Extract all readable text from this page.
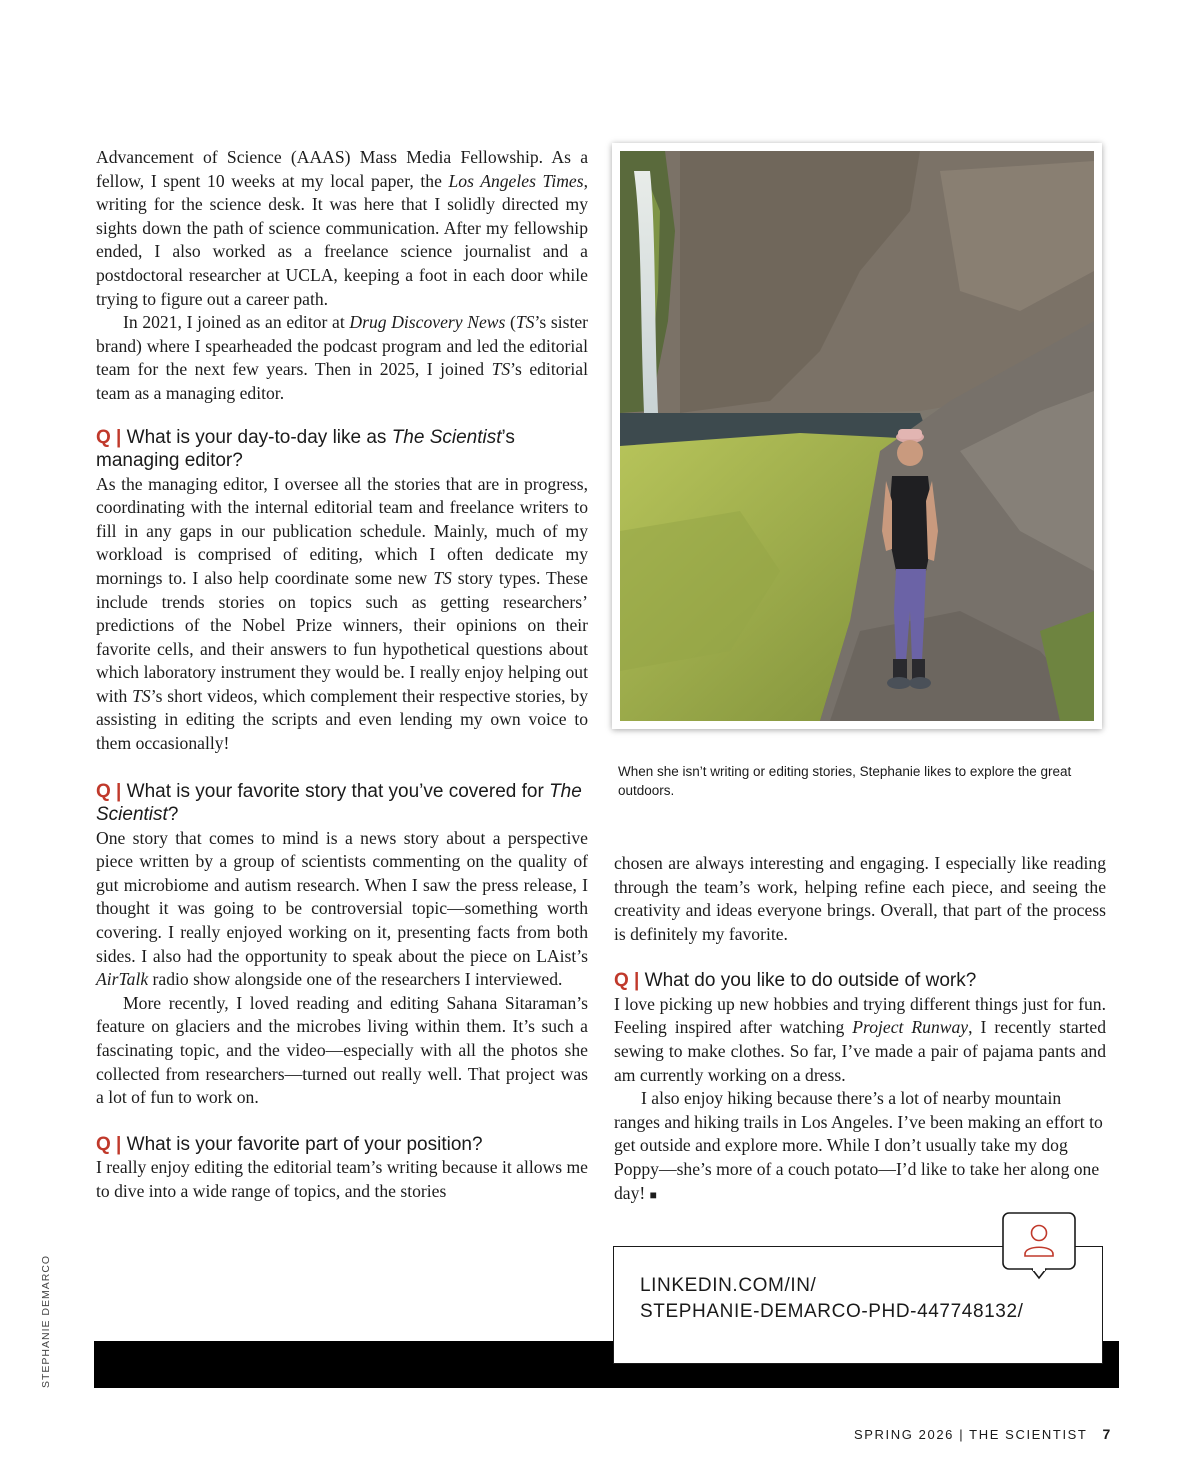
Advancement of Science (AAAS) Mass Media Fellowship. As a fellow, I spent 10 weeks at my local paper, the Los Angeles Times, writing for the science desk. It was here that I solidly directed my sights down the path of science communication. After my fellowship ended, I also worked as a freelance science journalist and a postdoctoral researcher at UCLA, keeping a foot in each door while trying to figure out a career path.

In 2021, I joined as an editor at Drug Discovery News (TS’s sister brand) where I spearheaded the podcast program and led the editorial team for the next few years. Then in 2025, I joined TS’s editorial team as a managing editor.

Q | What is your day-to-day like as The Scientist’s managing editor?

As the managing editor, I oversee all the stories that are in progress, coordinating with the internal editorial team and freelance writers to fill in any gaps in our publication schedule. Mainly, much of my workload is comprised of editing, which I often dedicate my mornings to. I also help coordinate some new TS story types. These include trends stories on topics such as getting researchers’ predictions of the Nobel Prize winners, their opinions on their favorite cells, and their answers to fun hypothetical questions about which laboratory instrument they would be. I really enjoy helping out with TS’s short videos, which complement their respective stories, by assisting in editing the scripts and even lending my own voice to them occasionally!

Q | What is your favorite story that you’ve covered for The Scientist?

One story that comes to mind is a news story about a perspective piece written by a group of scientists commenting on the quality of gut microbiome and autism research. When I saw the press release, I thought it was going to be controversial topic—something worth covering. I really enjoyed working on it, presenting facts from both sides. I also had the opportunity to speak about the piece on LAist’s AirTalk radio show alongside one of the researchers I interviewed.

More recently, I loved reading and editing Sahana Sitaraman’s feature on glaciers and the microbes living within them. It’s such a fascinating topic, and the video—especially with all the photos she collected from researchers—turned out really well. That project was a lot of fun to work on.

Q | What is your favorite part of your position?

I really enjoy editing the editorial team’s writing because it allows me to dive into a wide range of topics, and the stories

When she isn’t writing or editing stories, Stephanie likes to explore the great outdoors.

chosen are always interesting and engaging. I especially like reading through the team’s work, helping refine each piece, and seeing the creativity and ideas everyone brings. Overall, that part of the process is definitely my favorite.

Q | What do you like to do outside of work?

I love picking up new hobbies and trying different things just for fun. Feeling inspired after watching Project Runway, I recently started sewing to make clothes. So far, I’ve made a pair of pajama pants and am currently working on a dress.

I also enjoy hiking because there’s a lot of nearby mountain ranges and hiking trails in Los Angeles. I’ve been making an effort to get outside and explore more. While I don’t usually take my dog Poppy—she’s more of a couch potato—I’d like to take her along one day! ■

LINKEDIN.COM/IN/
STEPHANIE-DEMARCO-PHD-447748132/
STEPHANIE DEMARCO
SPRING 2026 | THE SCIENTIST 7
